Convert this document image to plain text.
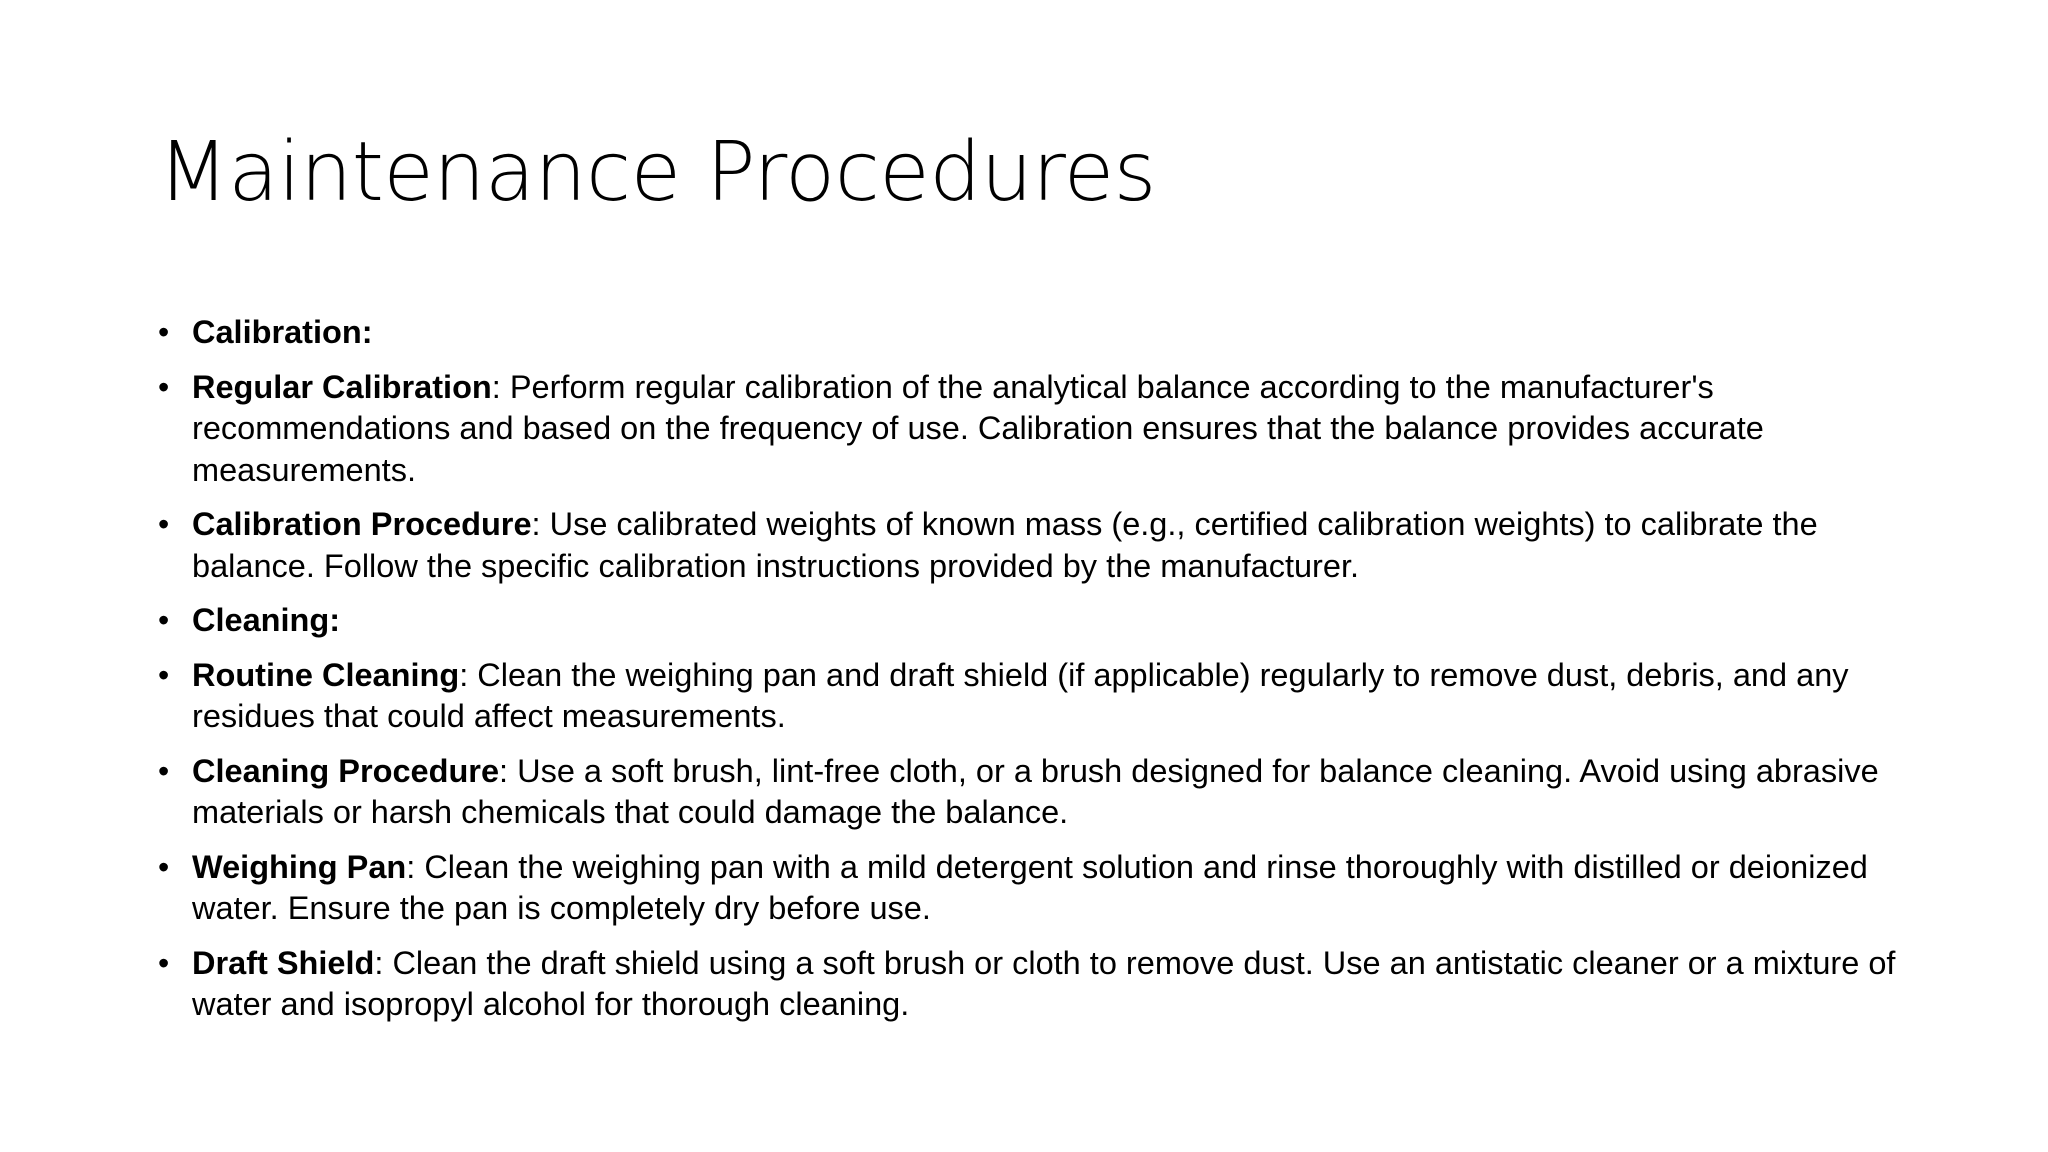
Maintenance Procedures
• Calibration:
• Regular Calibration: Perform regular calibration of the analytical balance according to the manufacturer's recommendations and based on the frequency of use. Calibration ensures that the balance provides accurate measurements.
• Calibration Procedure: Use calibrated weights of known mass (e.g., certified calibration weights) to calibrate the balance. Follow the specific calibration instructions provided by the manufacturer.
• Cleaning:
• Routine Cleaning: Clean the weighing pan and draft shield (if applicable) regularly to remove dust, debris, and any residues that could affect measurements.
• Cleaning Procedure: Use a soft brush, lint-free cloth, or a brush designed for balance cleaning. Avoid using abrasive materials or harsh chemicals that could damage the balance.
• Weighing Pan: Clean the weighing pan with a mild detergent solution and rinse thoroughly with distilled or deionized water. Ensure the pan is completely dry before use.
• Draft Shield: Clean the draft shield using a soft brush or cloth to remove dust. Use an antistatic cleaner or a mixture of water and isopropyl alcohol for thorough cleaning.
